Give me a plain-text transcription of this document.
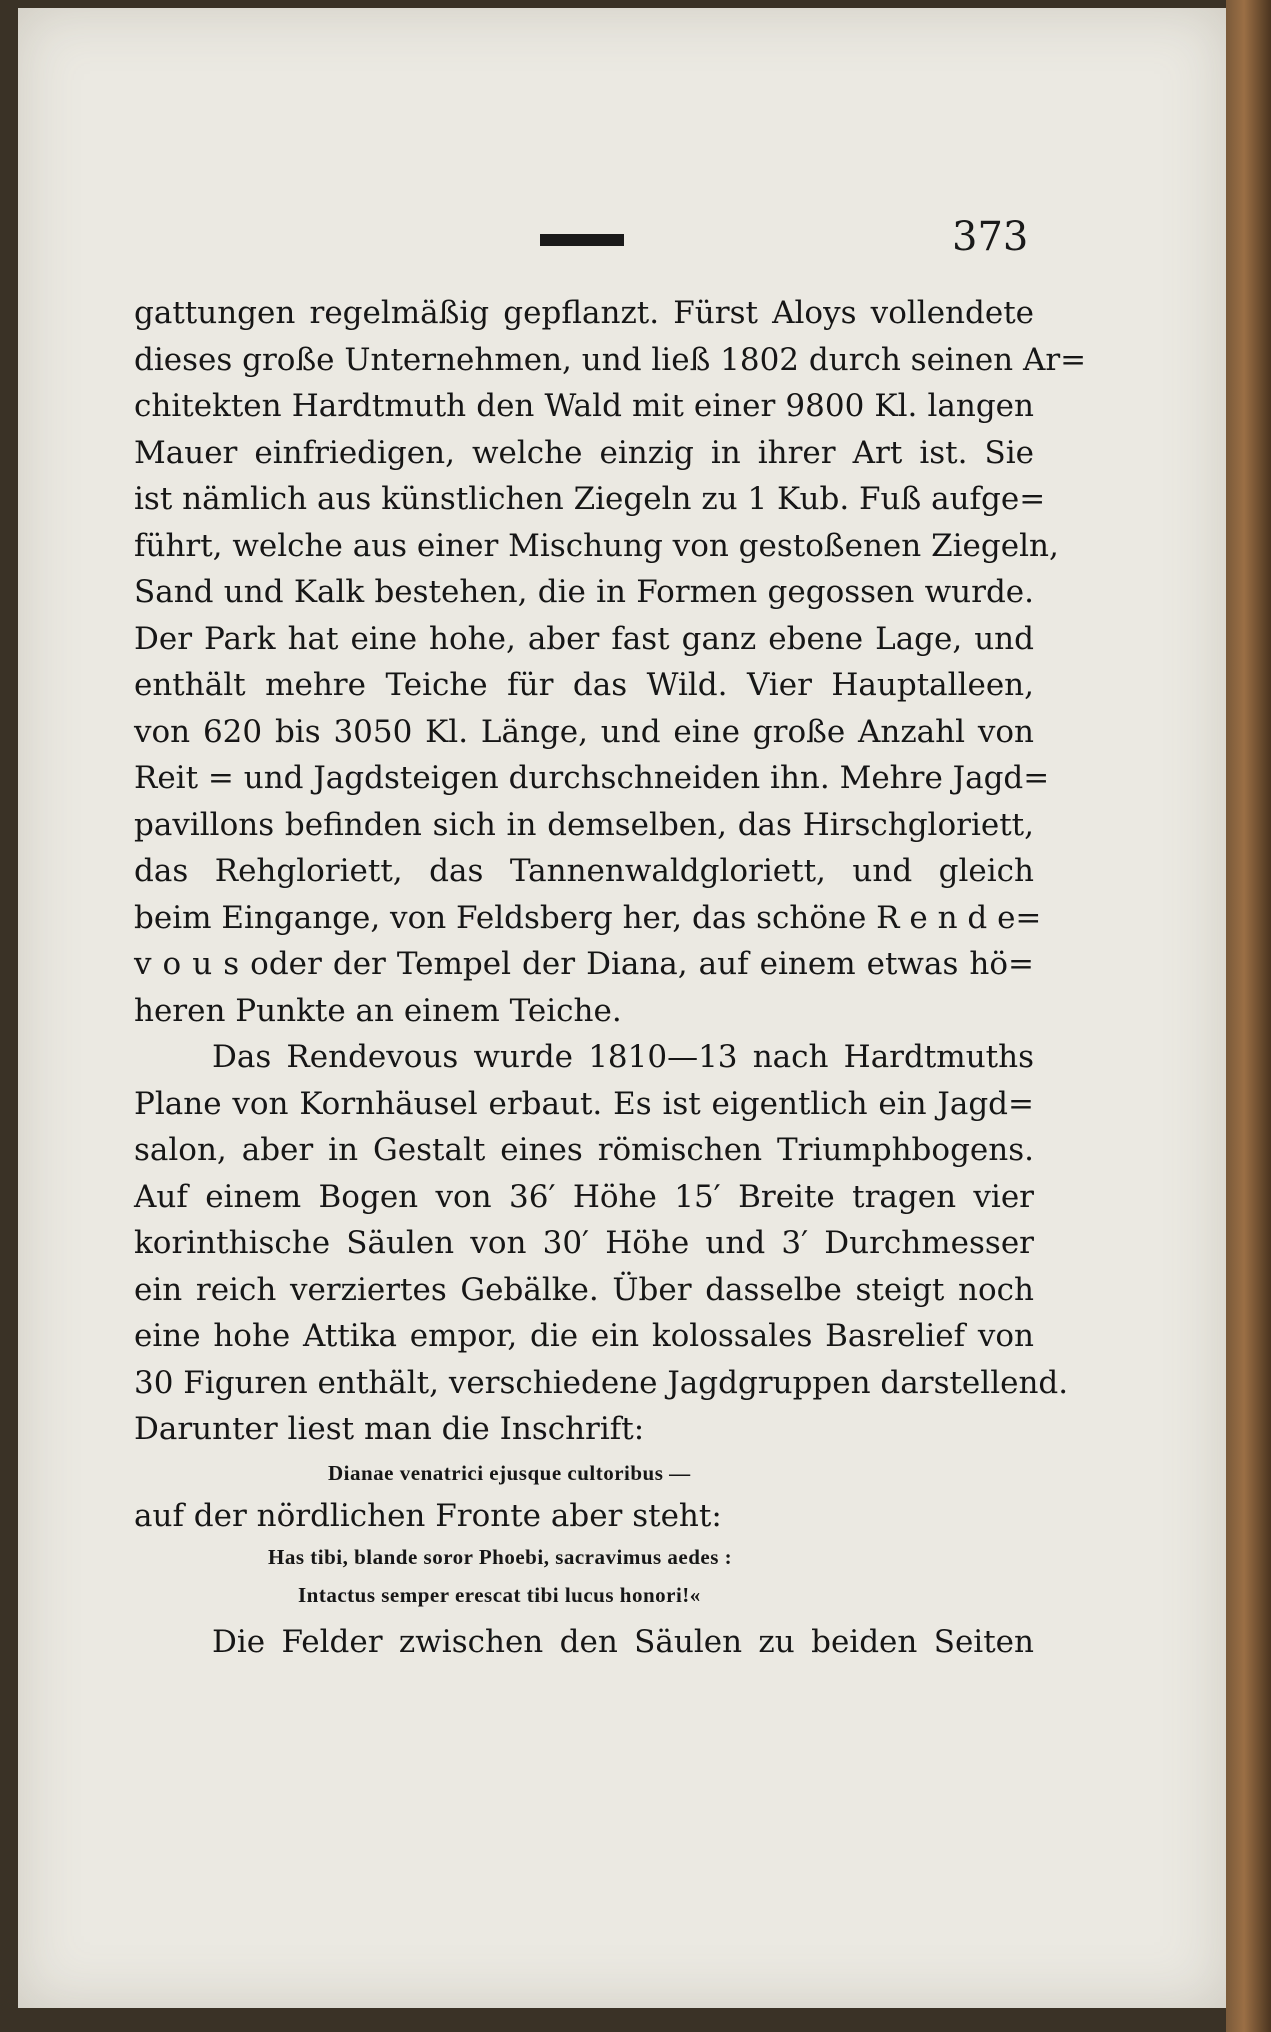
373
gattungen regelmäßig gepflanzt. Fürst Aloys vollendete
dieses große Unternehmen, und ließ 1802 durch seinen Ar=
chitekten Hardtmuth den Wald mit einer 9800 Kl. langen
Mauer einfriedigen, welche einzig in ihrer Art ist. Sie
ist nämlich aus künstlichen Ziegeln zu 1 Kub. Fuß aufge=
führt, welche aus einer Mischung von gestoßenen Ziegeln,
Sand und Kalk bestehen, die in Formen gegossen wurde.
Der Park hat eine hohe, aber fast ganz ebene Lage, und
enthält mehre Teiche für das Wild. Vier Hauptalleen,
von 620 bis 3050 Kl. Länge, und eine große Anzahl von
Reit = und Jagdsteigen durchschneiden ihn. Mehre Jagd=
pavillons befinden sich in demselben, das Hirschgloriett,
das Rehgloriett, das Tannenwaldgloriett, und gleich
beim Eingange, von Feldsberg her, das schöne R e n d e=
v o u s oder der Tempel der Diana, auf einem etwas hö=
heren Punkte an einem Teiche.
Das Rendevous wurde 1810—13 nach Hardtmuths
Plane von Kornhäusel erbaut. Es ist eigentlich ein Jagd=
salon, aber in Gestalt eines römischen Triumphbogens.
Auf einem Bogen von 36′ Höhe 15′ Breite tragen vier
korinthische Säulen von 30′ Höhe und 3′ Durchmesser
ein reich verziertes Gebälke. Über dasselbe steigt noch
eine hohe Attika empor, die ein kolossales Basrelief von
30 Figuren enthält, verschiedene Jagdgruppen darstellend.
Darunter liest man die Inschrift:
Dianae venatrici ejusque cultoribus —
auf der nördlichen Fronte aber steht:
Has tibi, blande soror Phoebi, sacravimus aedes :
Intactus semper erescat tibi lucus honori!«
Die Felder zwischen den Säulen zu beiden Seiten
